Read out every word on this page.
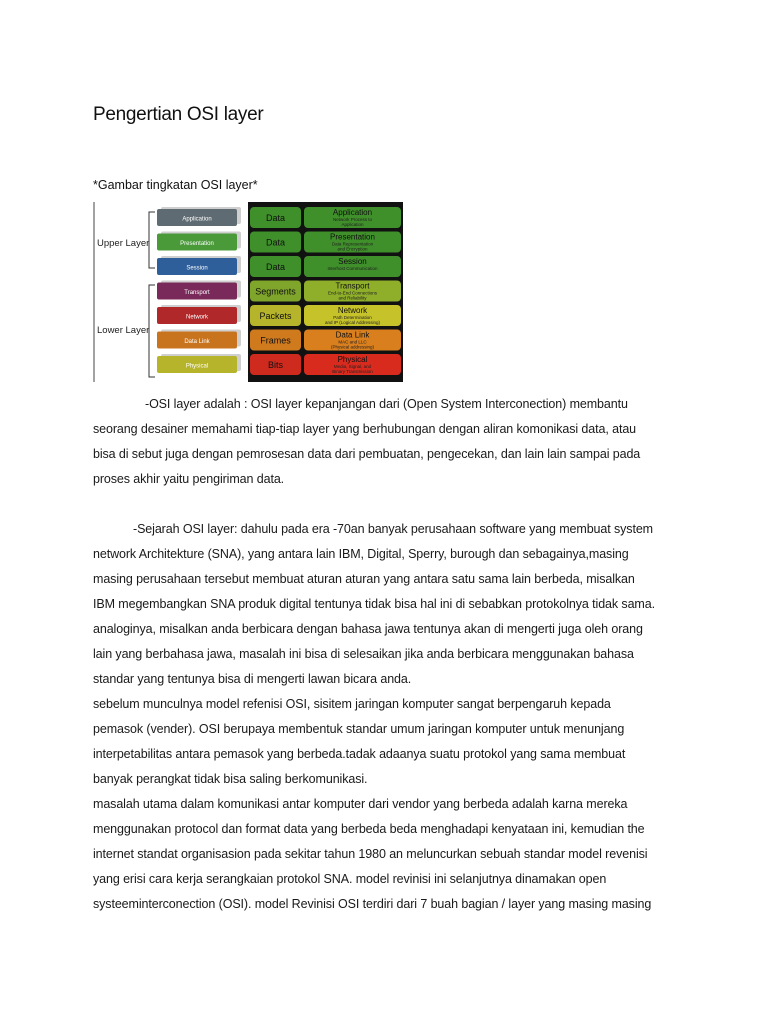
Pengertian OSI layer
*Gambar tingkatan OSI layer*
Upper Layer
Lower Layer
Application
Presentation
Session
Transport
Network
Data Link
Physical
Data
Data
Data
Segments
Packets
Frames
Bits
Application
Network Process to
Application
Presentation
Data Representation
and Encryption
Session
Interhost Communication
Transport
End-to-End Connections
and Reliability
Network
Path Determination
and IP (Logical Addressing)
Data Link
MAC and LLC
(Physical addressing)
Physical
Media, Signal, and
Binary Transmission
-OSI layer adalah : OSI layer kepanjangan dari (Open System Interconection) membantu
seorang desainer memahami tiap-tiap layer yang berhubungan dengan aliran komonikasi data, atau
bisa di sebut juga dengan pemrosesan data dari pembuatan, pengecekan, dan lain lain sampai pada
proses akhir yaitu pengiriman data.
-Sejarah OSI layer: dahulu pada era -70an banyak perusahaan software yang membuat system
network Architekture (SNA), yang antara lain IBM, Digital, Sperry, burough dan sebagainya,masing
masing perusahaan tersebut membuat aturan aturan yang antara satu sama lain berbeda, misalkan
IBM megembangkan SNA produk digital tentunya tidak bisa hal ini di sebabkan protokolnya tidak sama.
analoginya, misalkan anda berbicara dengan bahasa jawa tentunya akan di mengerti juga oleh orang
lain yang berbahasa jawa, masalah ini bisa di selesaikan jika anda berbicara menggunakan bahasa
standar yang tentunya bisa di mengerti lawan bicara anda.
sebelum munculnya model refenisi OSI, sisitem jaringan komputer sangat berpengaruh kepada
pemasok (vender). OSI berupaya membentuk standar umum jaringan komputer untuk menunjang
interpetabilitas antara pemasok yang berbeda.tadak adaanya suatu protokol yang sama membuat
banyak perangkat tidak bisa saling berkomunikasi.
masalah utama dalam komunikasi antar komputer dari vendor yang berbeda adalah karna mereka
menggunakan protocol dan format data yang berbeda beda menghadapi kenyataan ini, kemudian the
internet standat organisasion pada sekitar tahun 1980 an meluncurkan sebuah standar model revenisi
yang erisi cara kerja serangkaian protokol SNA. model revinisi ini selanjutnya dinamakan open
systeeminterconection (OSI). model Revinisi OSI terdiri dari 7 buah bagian / layer yang masing masing
